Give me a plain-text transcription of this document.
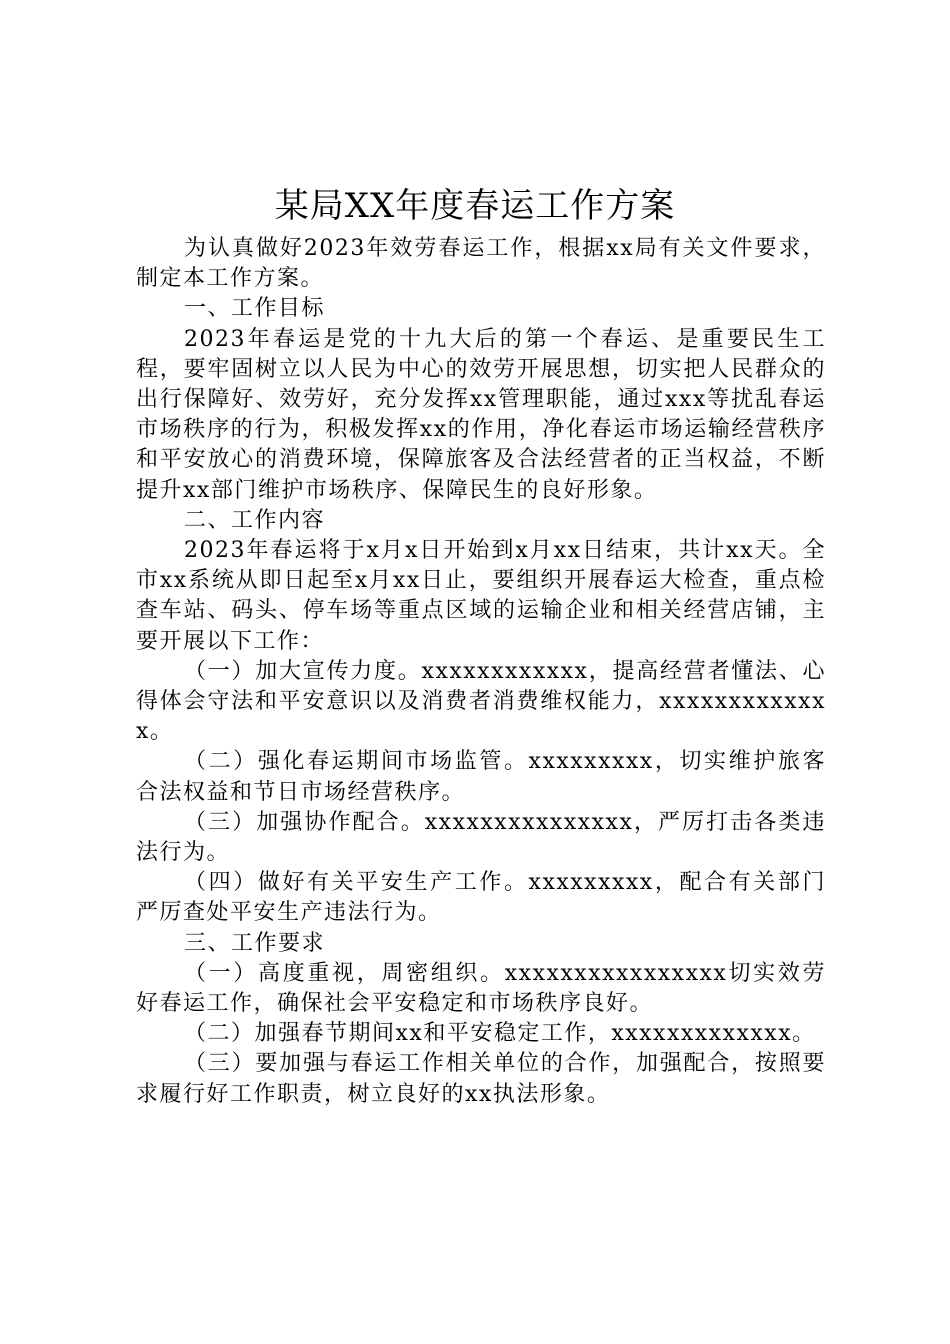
某局XX年度春运工作方案

为认真做好2023年效劳春运工作，根据xx局有关文件要求，制定本工作方案。

一、工作目标

2023年春运是党的十九大后的第一个春运、是重要民生工程，要牢固树立以人民为中心的效劳开展思想，切实把人民群众的出行保障好、效劳好，充分发挥xx管理职能，通过xxx等扰乱春运市场秩序的行为，积极发挥xx的作用，净化春运市场运输经营秩序和平安放心的消费环境，保障旅客及合法经营者的正当权益，不断提升xx部门维护市场秩序、保障民生的良好形象。

二、工作内容

2023年春运将于x月x日开始到x月xx日结束，共计xx天。全市xx系统从即日起至x月xx日止，要组织开展春运大检查，重点检查车站、码头、停车场等重点区域的运输企业和相关经营店铺，主要开展以下工作：

（一）加大宣传力度。xxxxxxxxxxxx，提高经营者懂法、心得体会守法和平安意识以及消费者消费维权能力，xxxxxxxxxxxxx。

（二）强化春运期间市场监管。xxxxxxxxx，切实维护旅客合法权益和节日市场经营秩序。

（三）加强协作配合。xxxxxxxxxxxxxxx，严厉打击各类违法行为。

（四）做好有关平安生产工作。xxxxxxxxx，配合有关部门严厉查处平安生产违法行为。

三、工作要求

（一）高度重视，周密组织。xxxxxxxxxxxxxxxx切实效劳好春运工作，确保社会平安稳定和市场秩序良好。

（二）加强春节期间xx和平安稳定工作，xxxxxxxxxxxxx。

（三）要加强与春运工作相关单位的合作，加强配合，按照要求履行好工作职责，树立良好的xx执法形象。
